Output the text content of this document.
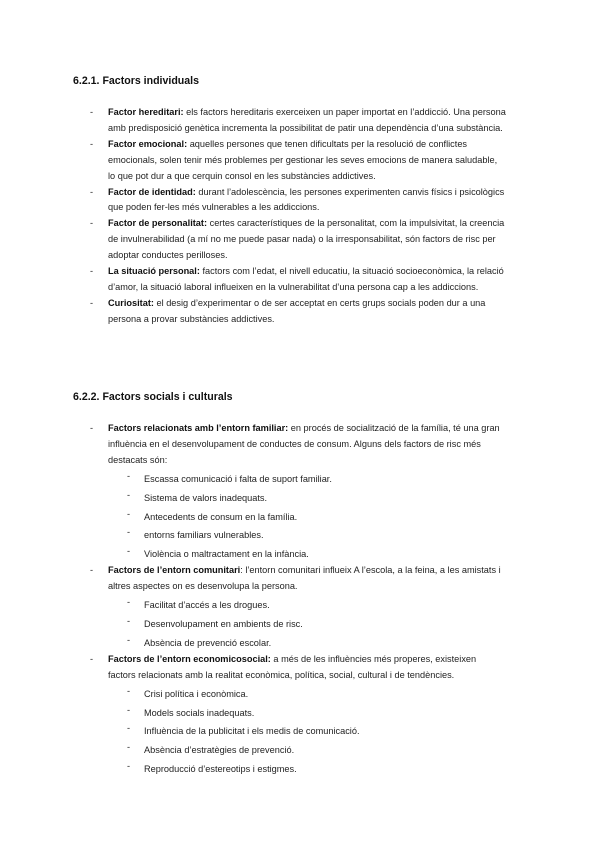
6.2.1. Factors individuals
- Factor hereditari: els factors hereditaris exerceixen un paper importat en l’addicció. Una persona amb predisposició genètica incrementa la possibilitat de patir una dependència d’una substància.
- Factor emocional: aquelles persones que tenen dificultats per la resolució de conflictes emocionals, solen tenir més problemes per gestionar les seves emocions de manera saludable, lo que pot dur a que cerquin consol en les substàncies addictives.
- Factor de identidad: durant l’adolescència, les persones experimenten canvis físics i psicològics que poden fer-les més vulnerables a les addiccions.
- Factor de personalitat: certes característiques de la personalitat, com la impulsivitat, la creencia de invulnerabilidad (a mí no me puede pasar nada) o la irresponsabilitat, són factors de risc per adoptar conductes perilloses.
- La situació personal: factors com l’edat, el nivell educatiu, la situació socioeconòmica, la relació d’amor, la situació laboral influeixen en la vulnerabilitat d’una persona cap a les addiccions.
- Curiositat: el desig d’experimentar o de ser acceptat en certs grups socials poden dur a una persona a provar substàncies addictives.
6.2.2. Factors socials i culturals
- Factors relacionats amb l’entorn familiar: en procés de socialització de la família, té una gran influència en el desenvolupament de conductes de consum. Alguns dels factors de risc més destacats són:
- Escassa comunicació i falta de suport familiar.
- Sistema de valors inadequats.
- Antecedents de consum en la família.
- entorns familiars vulnerables.
- Violència o maltractament en la infància.
- Factors de l’entorn comunitari: l’entorn comunitari influeix A l’escola, a la feina, a les amistats i altres aspectes on es desenvolupa la persona.
- Facilitat d’accés a les drogues.
- Desenvolupament en ambients de risc.
- Absència de prevenció escolar.
- Factors de l’entorn economicosocial: a més de les influències més properes, existeixen factors relacionats amb la realitat econòmica, política, social, cultural i de tendències.
- Crisi política i econòmica.
- Models socials inadequats.
- Influència de la publicitat i els medis de comunicació.
- Absència d’estratègies de prevenció.
- Reproducció d’estereotips i estigmes.
